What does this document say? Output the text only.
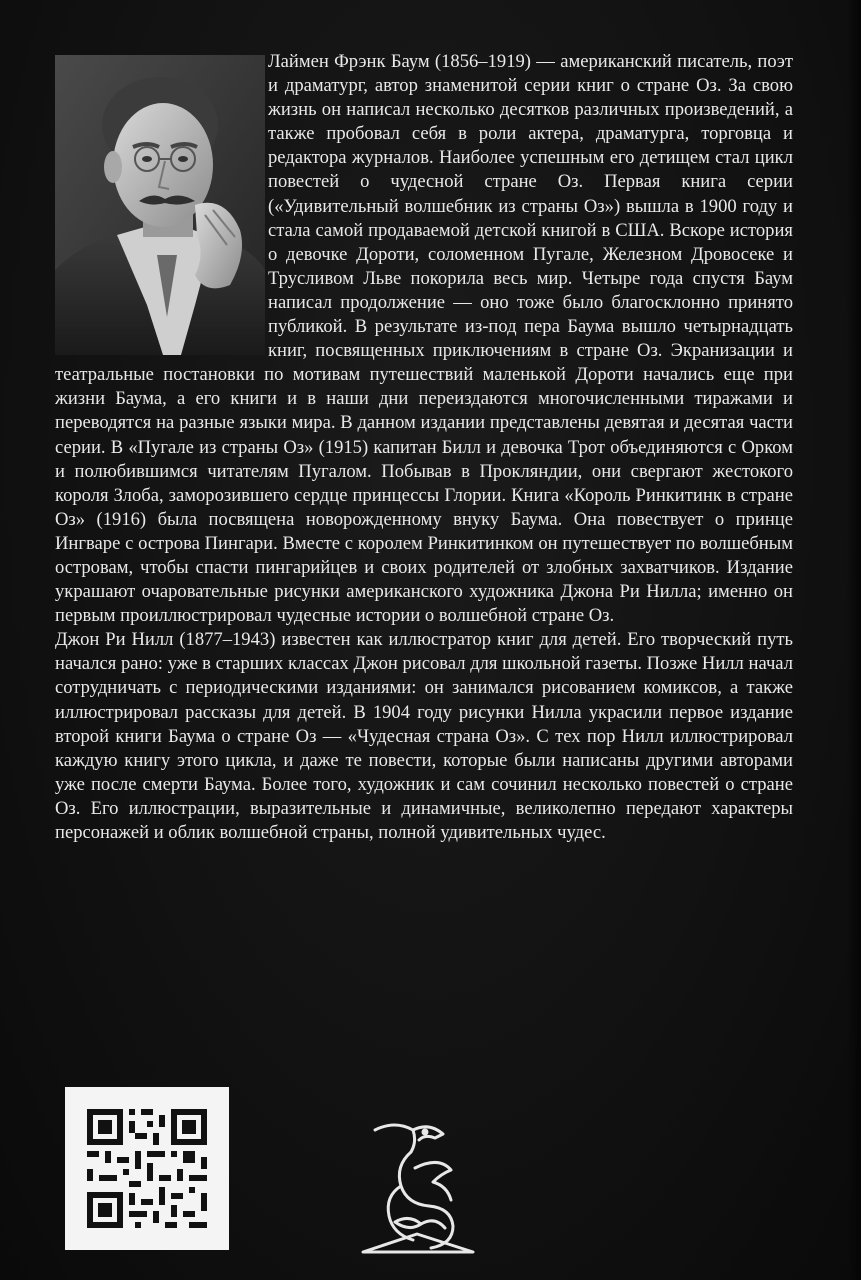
Лаймен Фрэнк Баум (1856–1919) — американский писатель, поэт и драматург, автор знаменитой серии книг о стране Оз. За свою жизнь он написал несколько десятков различных произведений, а также пробовал себя в роли актера, драматурга, торговца и редактора журналов. Наиболее успешным его детищем стал цикл повестей о чудесной стране Оз. Первая книга серии («Удивительный волшебник из страны Оз») вышла в 1900 году и стала самой продаваемой детской книгой в США. Вскоре история о девочке Дороти, соломенном Пугале, Железном Дровосеке и Трусливом Льве покорила весь мир. Четыре года спустя Баум написал продолжение — оно тоже было благосклонно принято публикой. В результате из-под пера Баума вышло четырнадцать книг, посвященных приключениям в стране Оз. Экранизации и театральные постановки по мотивам путешествий маленькой Дороти начались еще при жизни Баума, а его книги и в наши дни переиздаются многочисленными тиражами и переводятся на разные языки мира. В данном издании представлены девятая и десятая части серии. В «Пугале из страны Оз» (1915) капитан Билл и девочка Трот объединяются с Орком и полюбившимся читателям Пугалом. Побывав в Прокляндии, они свергают жестокого короля Злоба, заморозившего сердце принцессы Глории. Книга «Король Ринкитинк в стране Оз» (1916) была посвящена новорожденному внуку Баума. Она повествует о принце Ингваре с острова Пингари. Вместе с королем Ринкитинком он путешествует по волшебным островам, чтобы спасти пингарийцев и своих родителей от злобных захватчиков. Издание украшают очаровательные рисунки американского художника Джона Ри Нилла; именно он первым проиллюстрировал чудесные истории о волшебной стране Оз.

Джон Ри Нилл (1877–1943) известен как иллюстратор книг для детей. Его творческий путь начался рано: уже в старших классах Джон рисовал для школьной газеты. Позже Нилл начал сотрудничать с периодическими изданиями: он занимался рисованием комиксов, а также иллюстрировал рассказы для детей. В 1904 году рисунки Нилла украсили первое издание второй книги Баума о стране Оз — «Чудесная страна Оз». С тех пор Нилл иллюстрировал каждую книгу этого цикла, и даже те повести, которые были написаны другими авторами уже после смерти Баума. Более того, художник и сам сочинил несколько повестей о стране Оз. Его иллюстрации, выразительные и динамичные, великолепно передают характеры персонажей и облик волшебной страны, полной удивительных чудес.
